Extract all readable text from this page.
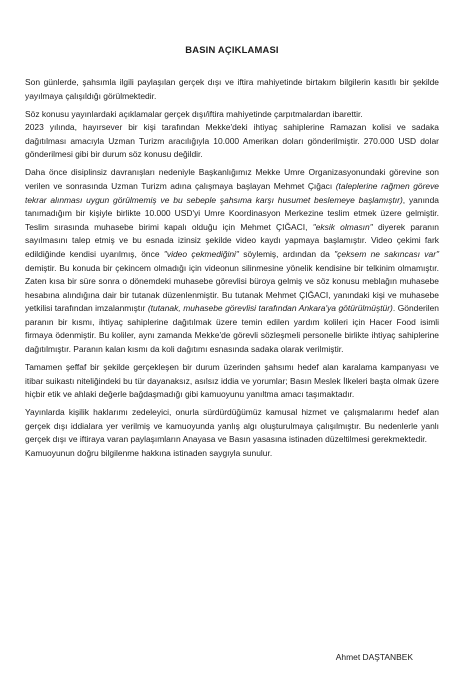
BASIN AÇIKLAMASI

Son günlerde, şahsımla ilgili paylaşılan gerçek dışı ve iftira mahiyetinde birtakım bilgilerin kasıtlı bir şekilde yayılmaya çalışıldığı görülmektedir.

Söz konusu yayınlardaki açıklamalar gerçek dışı/iftira mahiyetinde çarpıtmalardan ibarettir.

2023 yılında, hayırsever bir kişi tarafından Mekke'deki ihtiyaç sahiplerine Ramazan kolisi ve sadaka dağıtılması amacıyla Uzman Turizm aracılığıyla 10.000 Amerikan doları gönderilmiştir. 270.000 USD dolar gönderilmesi gibi bir durum söz konusu değildir.

Daha önce disiplinsiz davranışları nedeniyle Başkanlığımız Mekke Umre Organizasyonundaki görevine son verilen ve sonrasında Uzman Turizm adına çalışmaya başlayan Mehmet Çığacı (taleplerine rağmen göreve tekrar alınması uygun görülmemiş ve bu sebeple şahsıma karşı husumet beslemeye başlamıştır), yanında tanımadığım bir kişiyle birlikte 10.000 USD'yi Umre Koordinasyon Merkezine teslim etmek üzere gelmiştir. Teslim sırasında muhasebe birimi kapalı olduğu için Mehmet ÇIĞACI, "eksik olmasın" diyerek paranın sayılmasını talep etmiş ve bu esnada izinsiz şekilde video kaydı yapmaya başlamıştır. Video çekimi fark edildiğinde kendisi uyarılmış, önce "video çekmediğini" söylemiş, ardından da "çeksem ne sakıncası var" demiştir. Bu konuda bir çekincem olmadığı için videonun silinmesine yönelik kendisine bir telkinim olmamıştır. Zaten kısa bir süre sonra o dönemdeki muhasebe görevlisi büroya gelmiş ve söz konusu meblağın muhasebe hesabına alındığına dair bir tutanak düzenlenmiştir. Bu tutanak Mehmet ÇIĞACI, yanındaki kişi ve muhasebe yetkilisi tarafından imzalanmıştır (tutanak, muhasebe görevlisi tarafından Ankara'ya götürülmüştür). Gönderilen paranın bir kısmı, ihtiyaç sahiplerine dağıtılmak üzere temin edilen yardım kolileri için Hacer Food isimli firmaya ödenmiştir. Bu koliler, aynı zamanda Mekke'de görevli sözleşmeli personelle birlikte ihtiyaç sahiplerine dağıtılmıştır. Paranın kalan kısmı da koli dağıtımı esnasında sadaka olarak verilmiştir.

Tamamen şeffaf bir şekilde gerçekleşen bir durum üzerinden şahsımı hedef alan karalama kampanyası ve itibar suikastı niteliğindeki bu tür dayanaksız, asılsız iddia ve yorumlar; Basın Meslek İlkeleri başta olmak üzere hiçbir etik ve ahlaki değerle bağdaşmadığı gibi kamuoyunu yanıltma amacı taşımaktadır.

Yayınlarda kişilik haklarımı zedeleyici, onurla sürdürdüğümüz kamusal hizmet ve çalışmalarımı hedef alan gerçek dışı iddialara yer verilmiş ve kamuoyunda yanlış algı oluşturulmaya çalışılmıştır. Bu nedenlerle yanlı gerçek dışı ve iftiraya varan paylaşımların Anayasa ve Basın yasasına istinaden düzeltilmesi gerekmektedir.

Kamuoyunun doğru bilgilenme hakkına istinaden saygıyla sunulur.

Ahmet DAŞTANBEK
